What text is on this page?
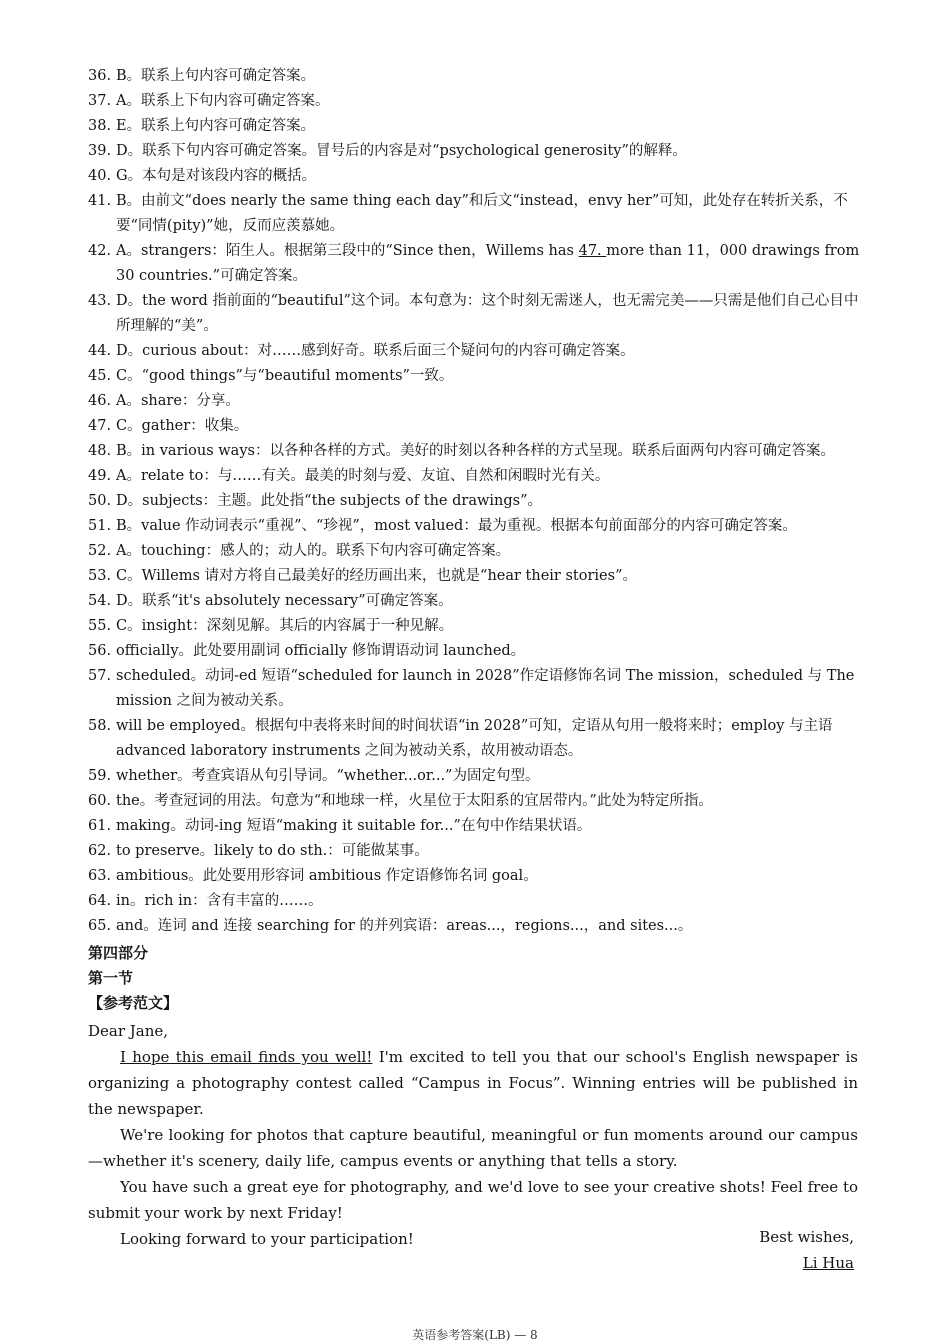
36. B。联系上句内容可确定答案。
37. A。联系上下句内容可确定答案。
38. E。联系上句内容可确定答案。
39. D。联系下句内容可确定答案。冒号后的内容是对“psychological generosity”的解释。
40. G。本句是对该段内容的概括。
41. B。由前文“does nearly the same thing each day”和后文“instead，envy her”可知，此处存在转折关系，不要“同情(pity)”她，反而应羡慕她。
42. A。strangers：陌生人。根据第三段中的“Since then，Willems has 47. more than 11，000 drawings from 30 countries.”可确定答案。
43. D。the word 指前面的“beautiful”这个词。本句意为：这个时刻无需迷人，也无需完美——只需是他们自己心目中所理解的“美”。
44. D。curious about：对……感到好奇。联系后面三个疑问句的内容可确定答案。
45. C。“good things”与“beautiful moments”一致。
46. A。share：分享。
47. C。gather：收集。
48. B。in various ways：以各种各样的方式。美好的时刻以各种各样的方式呈现。联系后面两句内容可确定答案。
49. A。relate to：与……有关。最美的时刻与爱、友谊、自然和闲暇时光有关。
50. D。subjects：主题。此处指“the subjects of the drawings”。
51. B。value 作动词表示“重视”、“珍视”，most valued：最为重视。根据本句前面部分的内容可确定答案。
52. A。touching：感人的；动人的。联系下句内容可确定答案。
53. C。Willems 请对方将自己最美好的经历画出来，也就是“hear their stories”。
54. D。联系“it's absolutely necessary”可确定答案。
55. C。insight：深刻见解。其后的内容属于一种见解。
56. officially。此处要用副词 officially 修饰谓语动词 launched。
57. scheduled。动词-ed 短语“scheduled for launch in 2028”作定语修饰名词 The mission，scheduled 与 The mission 之间为被动关系。
58. will be employed。根据句中表将来时间的时间状语“in 2028”可知，定语从句用一般将来时；employ 与主语 advanced laboratory instruments 之间为被动关系，故用被动语态。
59. whether。考查宾语从句引导词。“whether...or...”为固定句型。
60. the。考查冠词的用法。句意为“和地球一样，火星位于太阳系的宜居带内。”此处为特定所指。
61. making。动词-ing 短语“making it suitable for...”在句中作结果状语。
62. to preserve。likely to do sth.：可能做某事。
63. ambitious。此处要用形容词 ambitious 作定语修饰名词 goal。
64. in。rich in：含有丰富的……。
65. and。连词 and 连接 searching for 的并列宾语：areas...，regions...，and sites...。
第四部分
第一节
【参考范文】

Dear Jane,

I hope this email finds you well! I'm excited to tell you that our school's English newspaper is organizing a photography contest called “Campus in Focus”. Winning entries will be published in the newspaper.

We're looking for photos that capture beautiful, meaningful or fun moments around our campus—whether it's scenery, daily life, campus events or anything that tells a story.

You have such a great eye for photography, and we'd love to see your creative shots! Feel free to submit your work by next Friday!

Looking forward to your participation!	Best wishes,
Li Hua
英语参考答案(LB) — 8
